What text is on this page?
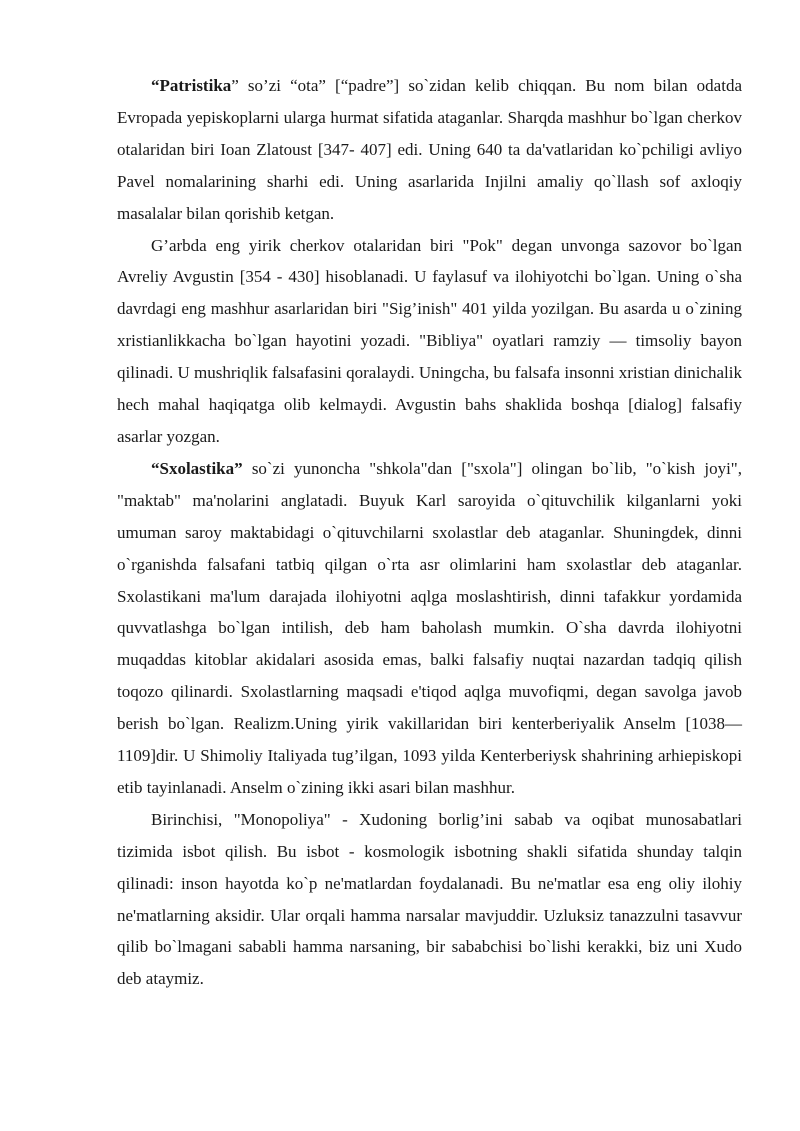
“Patristika” so’zi “ota” [“padre”] so`zidan kelib chiqqan. Bu nom bilan odatda Evropada yepiskoplarni ularga hurmat sifatida ataganlar. Sharqda mashhur bo`lgan cherkov otalaridan biri Ioan Zlatoust [347- 407] edi. Uning 640 ta da'vatlaridan ko`pchiligi avliyo Pavel nomalarining sharhi edi. Uning asarlarida Injilni amaliy qo`llash sof axloqiy masalalar bilan qorishib ketgan.

G’arbda eng yirik cherkov otalaridan biri "Pok" degan unvonga sazovor bo`lgan Avreliy Avgustin [354 - 430] hisoblanadi. U faylasuf va ilohiyotchi bo`lgan. Uning o`sha davrdagi eng mashhur asarlaridan biri "Sig’inish" 401 yilda yozilgan. Bu asarda u o`zining xristianlikkacha bo`lgan hayotini yozadi. "Bibliya" oyatlari ramziy — timsoliy bayon qilinadi. U mushriqlik falsafasini qoralaydi. Uningcha, bu falsafa insonni xristian dinichalik hech mahal haqiqatga olib kelmaydi. Avgustin bahs shaklida boshqa [dialog] falsafiy asarlar yozgan.

“Sxolastika” so`zi yunoncha "shkola"dan ["sxola"] olingan bo`lib, "o`kish joyi", "maktab" ma'nolarini anglatadi. Buyuk Karl saroyida o`qituvchilik kilganlarni yoki umuman saroy maktabidagi o`qituvchilarni sxolastlar deb ataganlar. Shuningdek, dinni o`rganishda falsafani tatbiq qilgan o`rta asr olimlarini ham sxolastlar deb ataganlar. Sxolastikani ma'lum darajada ilohiyotni aqlga moslashtirish, dinni tafakkur yordamida quvvatlashga bo`lgan intilish, deb ham baholash mumkin. O`sha davrda ilohiyotni muqaddas kitoblar akidalari asosida emas, balki falsafiy nuqtai nazardan tadqiq qilish toqozo qilinardi. Sxolastlarning maqsadi e'tiqod aqlga muvofiqmi, degan savolga javob berish bo`lgan. Realizm.Uning yirik vakillaridan biri kenterberiyalik Anselm [1038— 1109]dir. U Shimoliy Italiyada tug’ilgan, 1093 yilda Kenterberiysk shahrining arhiepiskopi etib tayinlanadi. Anselm o`zining ikki asari bilan mashhur.

Birinchisi, "Monopoliya" - Xudoning borlig’ini sabab va oqibat munosabatlari tizimida isbot qilish. Bu isbot - kosmologik isbotning shakli sifatida shunday talqin qilinadi: inson hayotda ko`p ne'matlardan foydalanadi. Bu ne'matlar esa eng oliy ilohiy ne'matlarning aksidir. Ular orqali hamma narsalar mavjuddir. Uzluksiz tanazzulni tasavvur qilib bo`lmagani sababli hamma narsaning, bir sababchisi bo`lishi kerakki, biz uni Xudo deb ataymiz.
